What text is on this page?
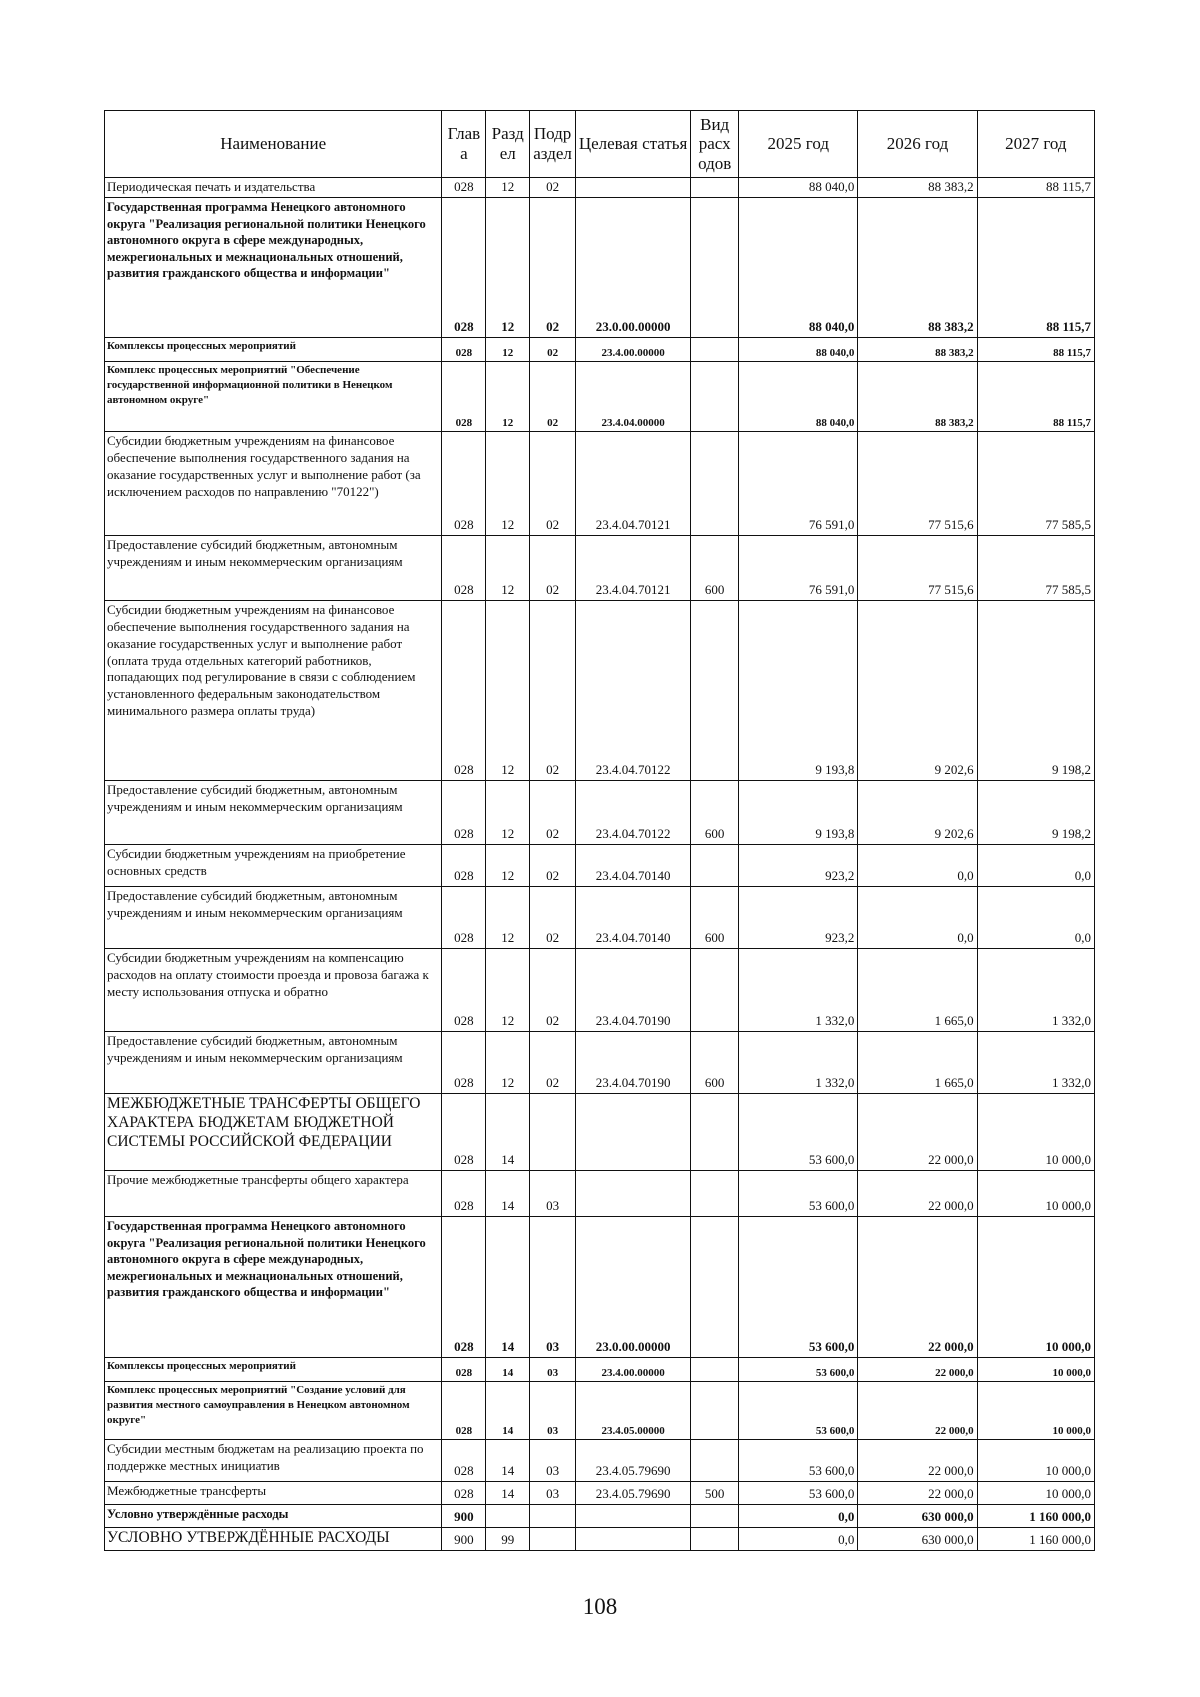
Наименование	Глав а	Разд ел	Подр аздел	Целевая статья	Вид расх одов	2025 год	2026 год	2027 год
Периодическая печать и издательства	028	12	02			88 040,0	88 383,2	88 115,7
Государственная программа Ненецкого автономного округа "Реализация региональной политики Ненецкого автономного округа в сфере международных, межрегиональных и межнациональных отношений, развития гражданского общества и информации"	028	12	02	23.0.00.00000		88 040,0	88 383,2	88 115,7
Комплексы процессных мероприятий	028	12	02	23.4.00.00000		88 040,0	88 383,2	88 115,7
Комплекс процессных мероприятий "Обеспечение государственной информационной политики в Ненецком автономном округе"	028	12	02	23.4.04.00000		88 040,0	88 383,2	88 115,7
Субсидии бюджетным учреждениям на финансовое обеспечение выполнения государственного задания на оказание государственных услуг и выполнение работ (за исключением расходов по направлению "70122")	028	12	02	23.4.04.70121		76 591,0	77 515,6	77 585,5
Предоставление субсидий бюджетным, автономным учреждениям и иным некоммерческим организациям	028	12	02	23.4.04.70121	600	76 591,0	77 515,6	77 585,5
Субсидии бюджетным учреждениям на финансовое обеспечение выполнения государственного задания на оказание государственных услуг и выполнение работ (оплата труда отдельных категорий работников, попадающих под регулирование в связи с соблюдением установленного федеральным законодательством минимального размера оплаты труда)	028	12	02	23.4.04.70122		9 193,8	9 202,6	9 198,2
Предоставление субсидий бюджетным, автономным учреждениям и иным некоммерческим организациям	028	12	02	23.4.04.70122	600	9 193,8	9 202,6	9 198,2
Субсидии бюджетным учреждениям на приобретение основных средств	028	12	02	23.4.04.70140		923,2	0,0	0,0
Предоставление субсидий бюджетным, автономным учреждениям и иным некоммерческим организациям	028	12	02	23.4.04.70140	600	923,2	0,0	0,0
Субсидии бюджетным учреждениям на компенсацию расходов на оплату стоимости проезда и провоза багажа к месту использования отпуска и обратно	028	12	02	23.4.04.70190		1 332,0	1 665,0	1 332,0
Предоставление субсидий бюджетным, автономным учреждениям и иным некоммерческим организациям	028	12	02	23.4.04.70190	600	1 332,0	1 665,0	1 332,0
МЕЖБЮДЖЕТНЫЕ ТРАНСФЕРТЫ ОБЩЕГО ХАРАКТЕРА БЮДЖЕТАМ БЮДЖЕТНОЙ СИСТЕМЫ РОССИЙСКОЙ ФЕДЕРАЦИИ	028	14				53 600,0	22 000,0	10 000,0
Прочие межбюджетные трансферты общего характера	028	14	03			53 600,0	22 000,0	10 000,0
Государственная программа Ненецкого автономного округа "Реализация региональной политики Ненецкого автономного округа в сфере международных, межрегиональных и межнациональных отношений, развития гражданского общества и информации"	028	14	03	23.0.00.00000		53 600,0	22 000,0	10 000,0
Комплексы процессных мероприятий	028	14	03	23.4.00.00000		53 600,0	22 000,0	10 000,0
Комплекс процессных мероприятий "Создание условий для развития местного самоуправления в Ненецком автономном округе"	028	14	03	23.4.05.00000		53 600,0	22 000,0	10 000,0
Субсидии местным бюджетам на реализацию проекта по поддержке местных инициатив	028	14	03	23.4.05.79690		53 600,0	22 000,0	10 000,0
Межбюджетные трансферты	028	14	03	23.4.05.79690	500	53 600,0	22 000,0	10 000,0
Условно утверждённые расходы	900					0,0	630 000,0	1 160 000,0
УСЛОВНО УТВЕРЖДЁННЫЕ РАСХОДЫ	900	99				0,0	630 000,0	1 160 000,0
108
